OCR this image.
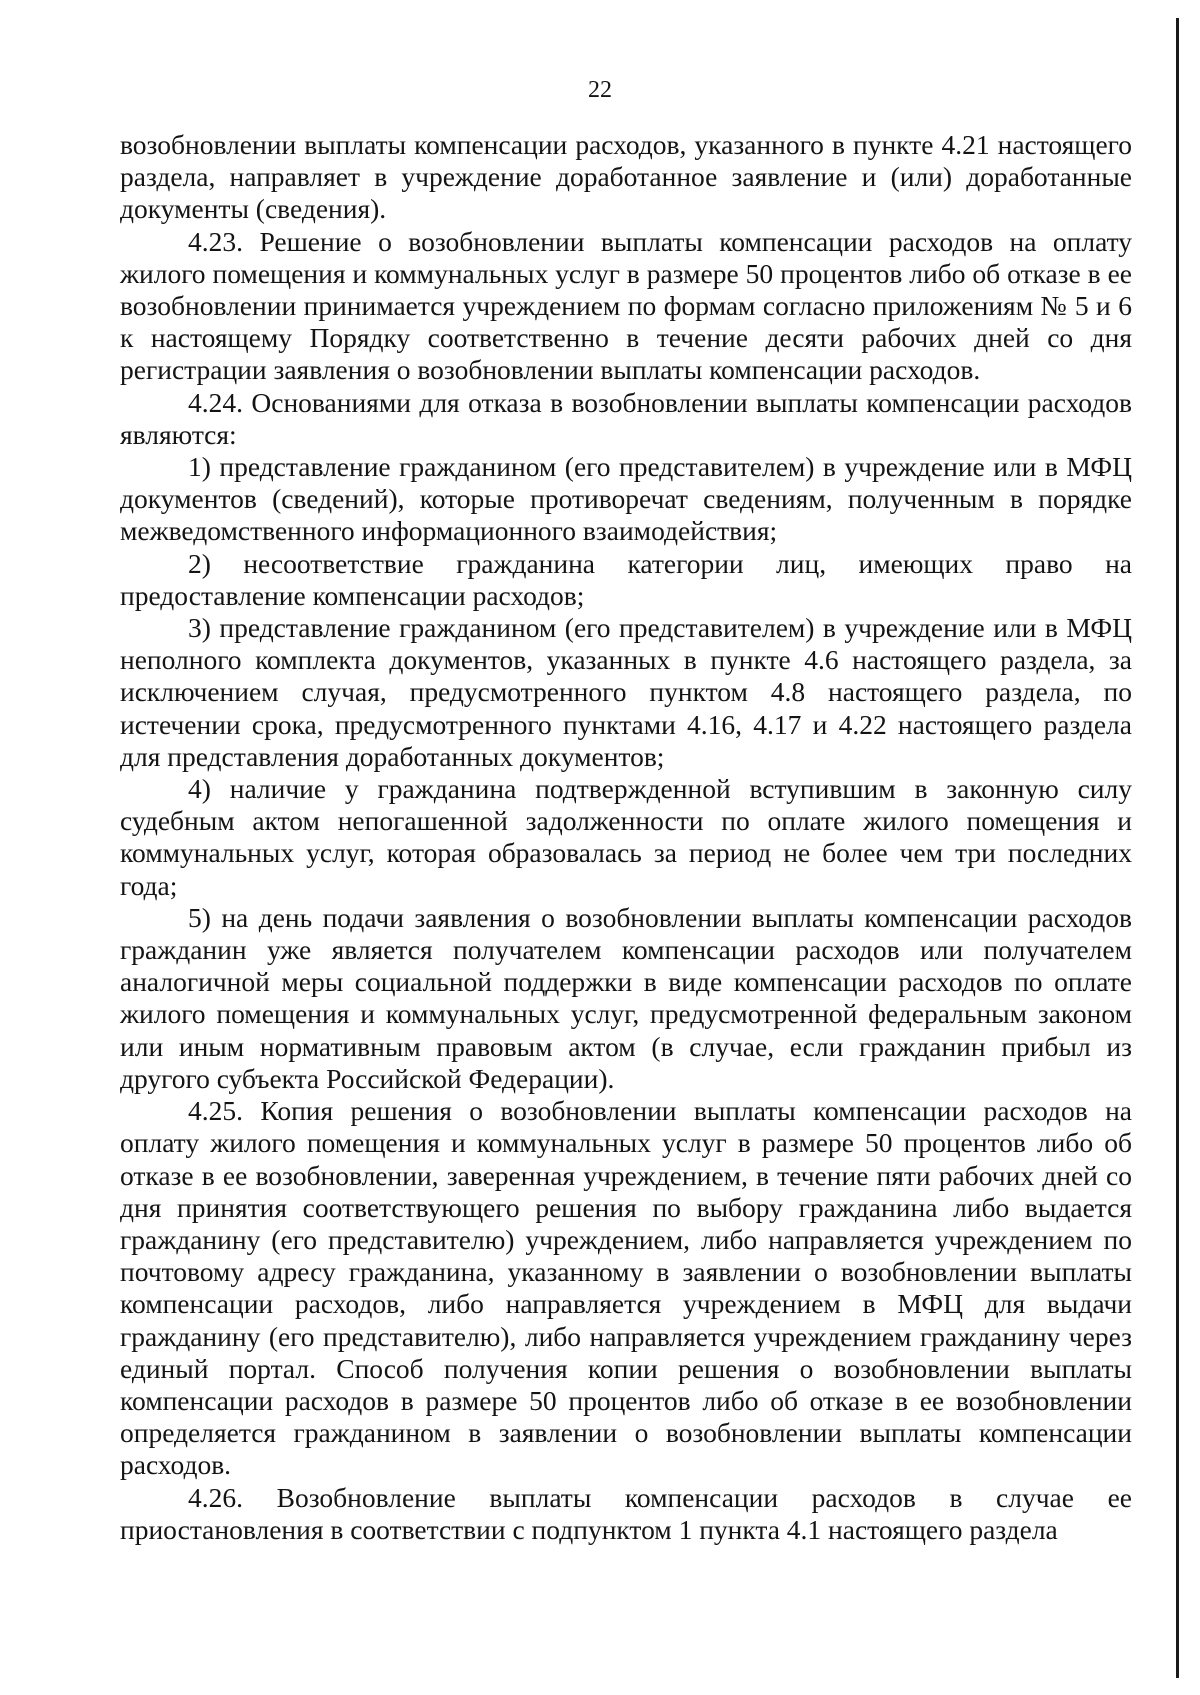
22

возобновлении выплаты компенсации расходов, указанного в пункте 4.21 настоящего раздела, направляет в учреждение доработанное заявление и (или) доработанные документы (сведения).

4.23. Решение о возобновлении выплаты компенсации расходов на оплату жилого помещения и коммунальных услуг в размере 50 процентов либо об отказе в ее возобновлении принимается учреждением по формам согласно приложениям № 5 и 6 к настоящему Порядку соответственно в течение десяти рабочих дней со дня регистрации заявления о возобновлении выплаты компенсации расходов.

4.24. Основаниями для отказа в возобновлении выплаты компенсации расходов являются:

1) представление гражданином (его представителем) в учреждение или в МФЦ документов (сведений), которые противоречат сведениям, полученным в порядке межведомственного информационного взаимодействия;

2) несоответствие гражданина категории лиц, имеющих право на предоставление компенсации расходов;

3) представление гражданином (его представителем) в учреждение или в МФЦ неполного комплекта документов, указанных в пункте 4.6 настоящего раздела, за исключением случая, предусмотренного пунктом 4.8 настоящего раздела, по истечении срока, предусмотренного пунктами 4.16, 4.17 и 4.22 настоящего раздела для представления доработанных документов;

4) наличие у гражданина подтвержденной вступившим в законную силу судебным актом непогашенной задолженности по оплате жилого помещения и коммунальных услуг, которая образовалась за период не более чем три последних года;

5) на день подачи заявления о возобновлении выплаты компенсации расходов гражданин уже является получателем компенсации расходов или получателем аналогичной меры социальной поддержки в виде компенсации расходов по оплате жилого помещения и коммунальных услуг, предусмотренной федеральным законом или иным нормативным правовым актом (в случае, если гражданин прибыл из другого субъекта Российской Федерации).

4.25. Копия решения о возобновлении выплаты компенсации расходов на оплату жилого помещения и коммунальных услуг в размере 50 процентов либо об отказе в ее возобновлении, заверенная учреждением, в течение пяти рабочих дней со дня принятия соответствующего решения по выбору гражданина либо выдается гражданину (его представителю) учреждением, либо направляется учреждением по почтовому адресу гражданина, указанному в заявлении о возобновлении выплаты компенсации расходов, либо направляется учреждением в МФЦ для выдачи гражданину (его представителю), либо направляется учреждением гражданину через единый портал. Способ получения копии решения о возобновлении выплаты компенсации расходов в размере 50 процентов либо об отказе в ее возобновлении определяется гражданином в заявлении о возобновлении выплаты компенсации расходов.

4.26. Возобновление выплаты компенсации расходов в случае ее приостановления в соответствии с подпунктом 1 пункта 4.1 настоящего раздела
